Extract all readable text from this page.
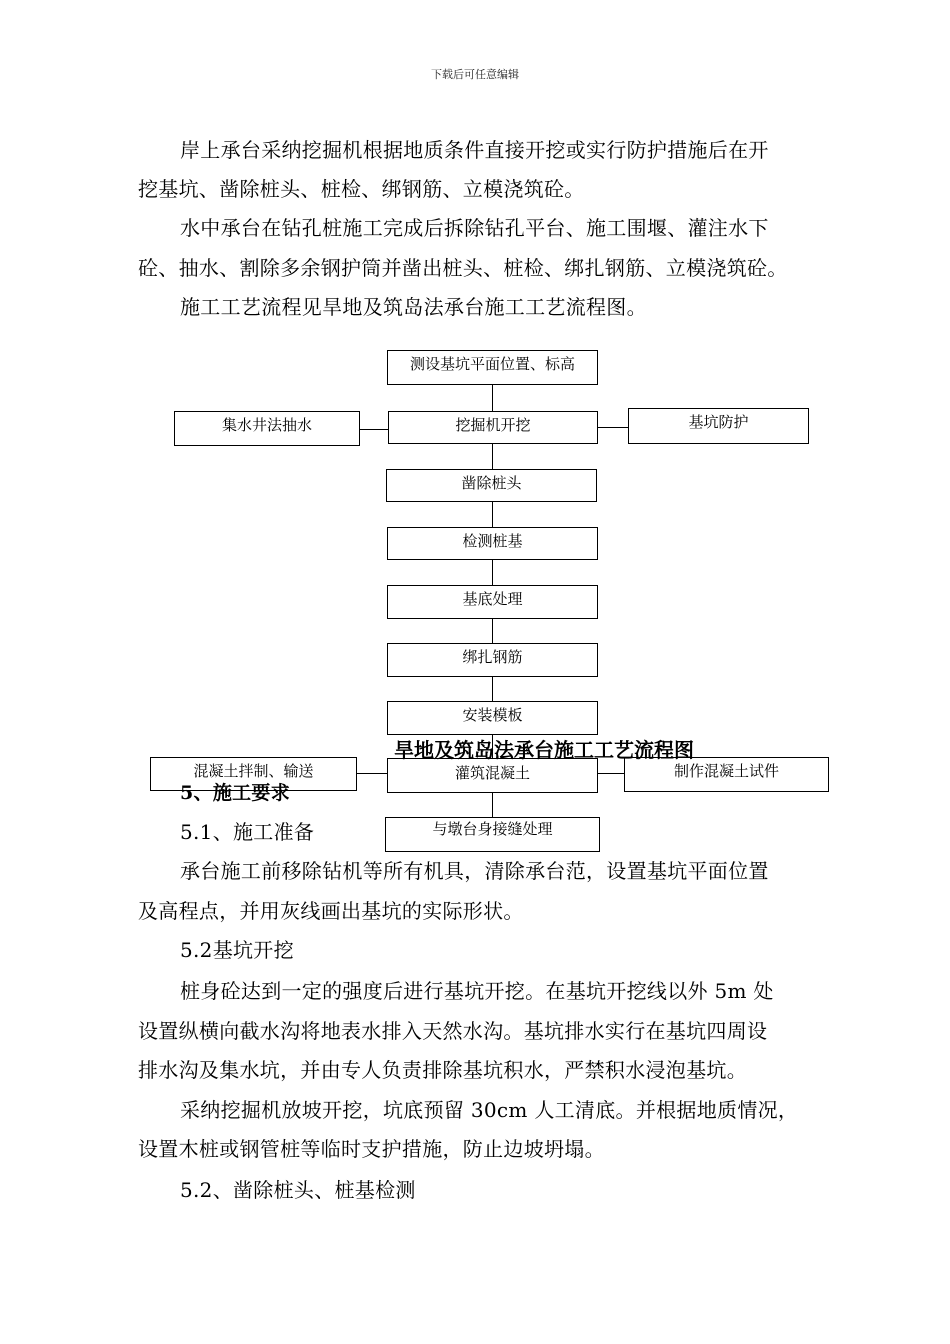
下载后可任意编辑
岸上承台采纳挖掘机根据地质条件直接开挖或实行防护措施后在开
挖基坑、凿除桩头、桩检、绑钢筋、立模浇筑砼。
水中承台在钻孔桩施工完成后拆除钻孔平台、施工围堰、灌注水下
砼、抽水、割除多余钢护筒并凿出桩头、桩检、绑扎钢筋、立模浇筑砼。
施工工艺流程见旱地及筑岛法承台施工工艺流程图。
测设基坑平面位置、标高
挖掘机开挖
凿除桩头
检测桩基
基底处理
绑扎钢筋
安装模板
灌筑混凝土
与墩台身接缝处理
集水井法抽水	基坑防护
混凝土拌制、输送	制作混凝土试件
旱地及筑岛法承台施工工艺流程图
5、施工要求
5.1、施工准备
承台施工前移除钻机等所有机具，清除承台范，设置基坑平面位置
及高程点，并用灰线画出基坑的实际形状。
5.2基坑开挖
桩身砼达到一定的强度后进行基坑开挖。在基坑开挖线以外 5m 处
设置纵横向截水沟将地表水排入天然水沟。基坑排水实行在基坑四周设
排水沟及集水坑，并由专人负责排除基坑积水，严禁积水浸泡基坑。
采纳挖掘机放坡开挖，坑底预留 30cm 人工清底。并根据地质情况，
设置木桩或钢管桩等临时支护措施，防止边坡坍塌。
5.2、凿除桩头、桩基检测
